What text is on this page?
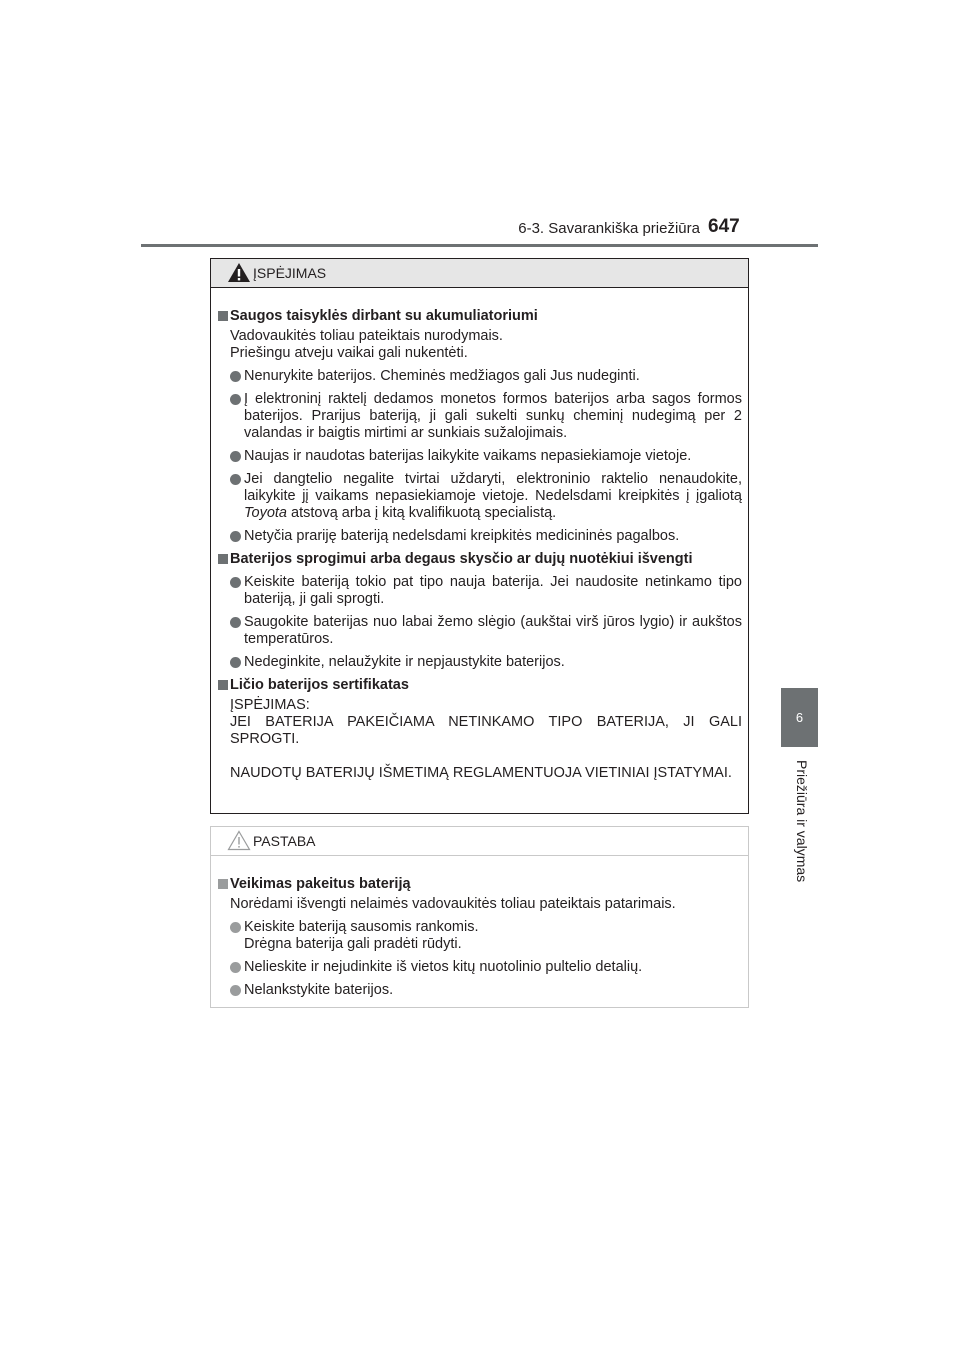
6-3. Savarankiška priežiūra 647
6
Priežiūra ir valymas
ĮSPĖJIMAS
Saugos taisyklės dirbant su akumuliatoriumi
Vadovaukitės toliau pateiktais nurodymais.
Priešingu atveju vaikai gali nukentėti.
Nenurykite baterijos. Cheminės medžiagos gali Jus nudeginti.
Į elektroninį raktelį dedamos monetos formos baterijos arba sagos formos baterijos. Prarijus bateriją, ji gali sukelti sunkų cheminį nudegimą per 2 valandas ir baigtis mirtimi ar sunkiais sužalojimais.
Naujas ir naudotas baterijas laikykite vaikams nepasiekiamoje vietoje.
Jei dangtelio negalite tvirtai uždaryti, elektroninio raktelio nenaudokite, laikykite jį vaikams nepasiekiamoje vietoje. Nedelsdami kreipkitės į įgaliotą Toyota atstovą arba į kitą kvalifikuotą specialistą.
Netyčia prariję bateriją nedelsdami kreipkitės medicininės pagalbos.
Baterijos sprogimui arba degaus skysčio ar dujų nuotėkiui išvengti
Keiskite bateriją tokio pat tipo nauja baterija. Jei naudosite netinkamo tipo bateriją, ji gali sprogti.
Saugokite baterijas nuo labai žemo slėgio (aukštai virš jūros lygio) ir aukštos temperatūros.
Nedeginkite, nelaužykite ir nepjaustykite baterijos.
Ličio baterijos sertifikatas
ĮSPĖJIMAS:
JEI BATERIJA PAKEIČIAMA NETINKAMO TIPO BATERIJA, JI GALI SPROGTI.
NAUDOTŲ BATERIJŲ IŠMETIMĄ REGLAMENTUOJA VIETINIAI ĮSTATYMAI.
PASTABA
Veikimas pakeitus bateriją
Norėdami išvengti nelaimės vadovaukitės toliau pateiktais patarimais.
Keiskite bateriją sausomis rankomis.
Drėgna baterija gali pradėti rūdyti.
Nelieskite ir nejudinkite iš vietos kitų nuotolinio pultelio detalių.
Nelankstykite baterijos.
